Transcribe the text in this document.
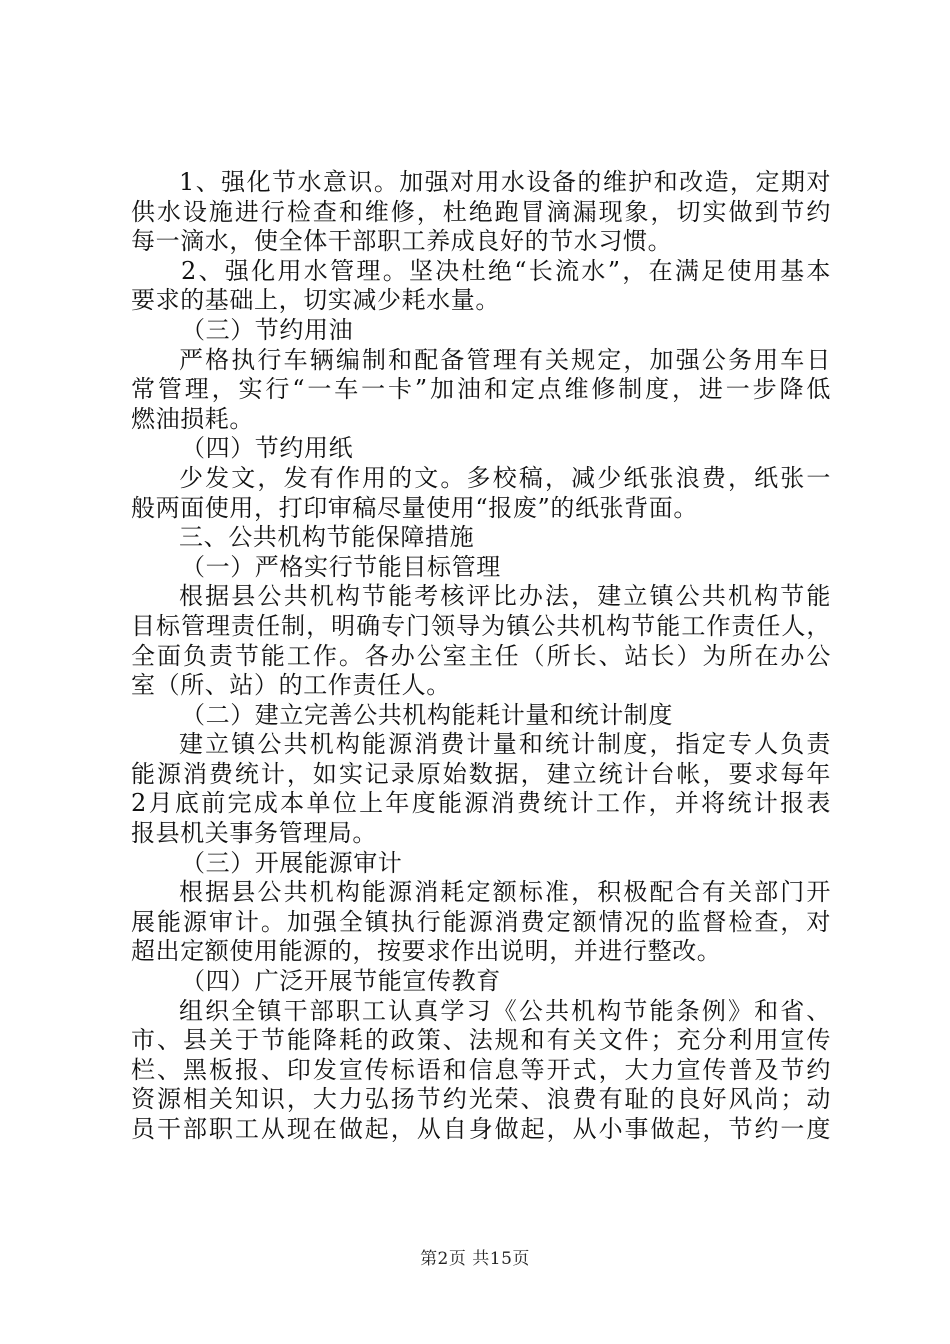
1、强化节水意识。加强对用水设备的维护和改造，定期对
供水设施进行检查和维修，杜绝跑冒滴漏现象，切实做到节约
每一滴水，使全体干部职工养成良好的节水习惯。
2、强化用水管理。坚决杜绝“长流水”，在满足使用基本
要求的基础上，切实减少耗水量。
（三）节约用油
严格执行车辆编制和配备管理有关规定，加强公务用车日
常管理，实行“一车一卡”加油和定点维修制度，进一步降低
燃油损耗。
（四）节约用纸
少发文，发有作用的文。多校稿，减少纸张浪费，纸张一
般两面使用，打印审稿尽量使用“报废”的纸张背面。
三、公共机构节能保障措施
（一）严格实行节能目标管理
根据县公共机构节能考核评比办法，建立镇公共机构节能
目标管理责任制，明确专门领导为镇公共机构节能工作责任人，
全面负责节能工作。各办公室主任（所长、站长）为所在办公
室（所、站）的工作责任人。
（二）建立完善公共机构能耗计量和统计制度
建立镇公共机构能源消费计量和统计制度，指定专人负责
能源消费统计，如实记录原始数据，建立统计台帐，要求每年
2月底前完成本单位上年度能源消费统计工作，并将统计报表
报县机关事务管理局。
（三）开展能源审计
根据县公共机构能源消耗定额标准，积极配合有关部门开
展能源审计。加强全镇执行能源消费定额情况的监督检查，对
超出定额使用能源的，按要求作出说明，并进行整改。
（四）广泛开展节能宣传教育
组织全镇干部职工认真学习《公共机构节能条例》和省、
市、县关于节能降耗的政策、法规和有关文件；充分利用宣传
栏、黑板报、印发宣传标语和信息等开式，大力宣传普及节约
资源相关知识，大力弘扬节约光荣、浪费有耻的良好风尚；动
员干部职工从现在做起，从自身做起，从小事做起，节约一度
第2页 共15页
